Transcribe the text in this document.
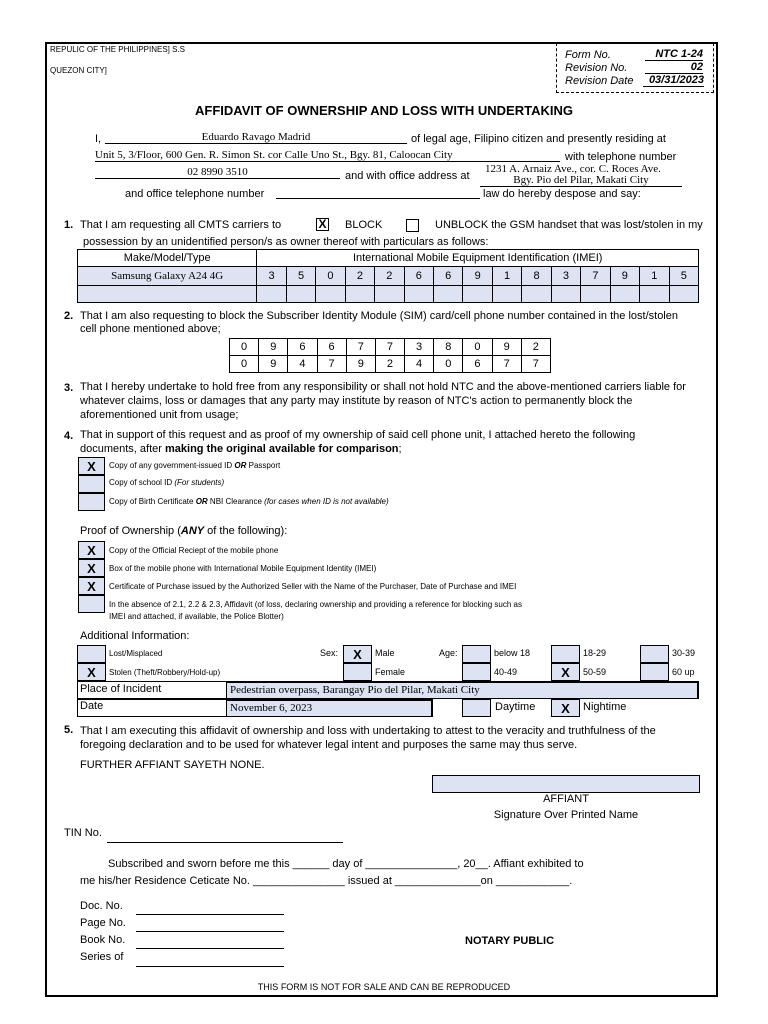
REPULIC OF THE PHILIPPINES] S.S
QUEZON CITY]
Form No.	NTC 1-24
Revision No.	02
Revision Date	03/31/2023
AFFIDAVIT OF OWNERSHIP AND LOSS WITH UNDERTAKING
I,	Eduardo Ravago Madrid	of legal age, Filipino citizen and presently residing at
Unit 5, 3/Floor, 600 Gen. R. Simon St. cor Calle Uno St., Bgy. 81, Caloocan City	with telephone number
02 8990 3510	and with office address at
1231 A. Arnaiz Ave., cor. C. Roces Ave.
Bgy. Pio del Pilar, Makati City
and office telephone number	law do hereby despose and say:
1. That I am requesting all CMTS carriers to	X BLOCK	UNBLOCK the GSM handset that was lost/stolen in my
possession by an unidentified person/s as owner thereof with particulars as follows:
Make/Model/Type	International Mobile Equipment Identification (IMEI)														
Samsung Galaxy A24 4G	3	5	0	2	2	6	6	9	1	8	3	7	9	1	5

2. That I am also requesting to block the Subscriber Identity Module (SIM) card/cell phone number contained in the lost/stolen
cell phone mentioned above;
0	9	6	6	7	7	3	8	0	9	2
0	9	4	7	9	2	4	0	6	7	7
3. That I hereby undertake to hold free from any responsibility or shall not hold NTC and the above-mentioned carriers liable for
whatever claims, loss or damages that any party may institute by reason of NTC's action to permanently block the
aforementioned unit from usage;
4. That in support of this request and as proof of my ownership of said cell phone unit, I attached hereto the following
documents, after making the original available for comparison;
X	Copy of any government-issued ID OR Passport
Copy of school ID (For students)
Copy of Birth Certificate OR NBI Clearance (for cases when ID is not available)
Proof of Ownership (ANY of the following):
X	Copy of the Official Reciept of the mobile phone
X	Box of the mobile phone with International Mobile Equipment Identity (IMEI)
X	Certificate of Purchase issued by the Authorized Seller with the Name of the Purchaser, Date of Purchase and IMEI
In the absence of 2.1, 2.2 & 2.3, Affidavit (of loss, declaring ownership and providing a reference for blocking such as
IMEI and attached, if available, the Police Blotter)
Additional Information:
Lost/Misplaced
X	Stolen (Theft/Robbery/Hold-up)
Sex:	X	Male
Female
Age:	below 18	18-29	30-39
40-49	X	50-59	60 up
Place of Incident	Pedestrian overpass, Barangay Pio del Pilar, Makati City
Date	November 6, 2023	Daytime	X	Nightime
5. That I am executing this affidavit of ownership and loss with undertaking to attest to the veracity and truthfulness of the
foregoing declaration and to be used for whatever legal intent and purposes the same may thus serve.
FURTHER AFFIANT SAYETH NONE.
AFFIANT
Signature Over Printed Name
TIN No.
Subscribed and sworn before me this ______ day of _______________, 20__. Affiant exhibited to
me his/her Residence Ceticate No. _______________ issued at ______________on ____________.
Doc. No.
Page No.
Book No.
Series of
NOTARY PUBLIC
THIS FORM IS NOT FOR SALE AND CAN BE REPRODUCED
